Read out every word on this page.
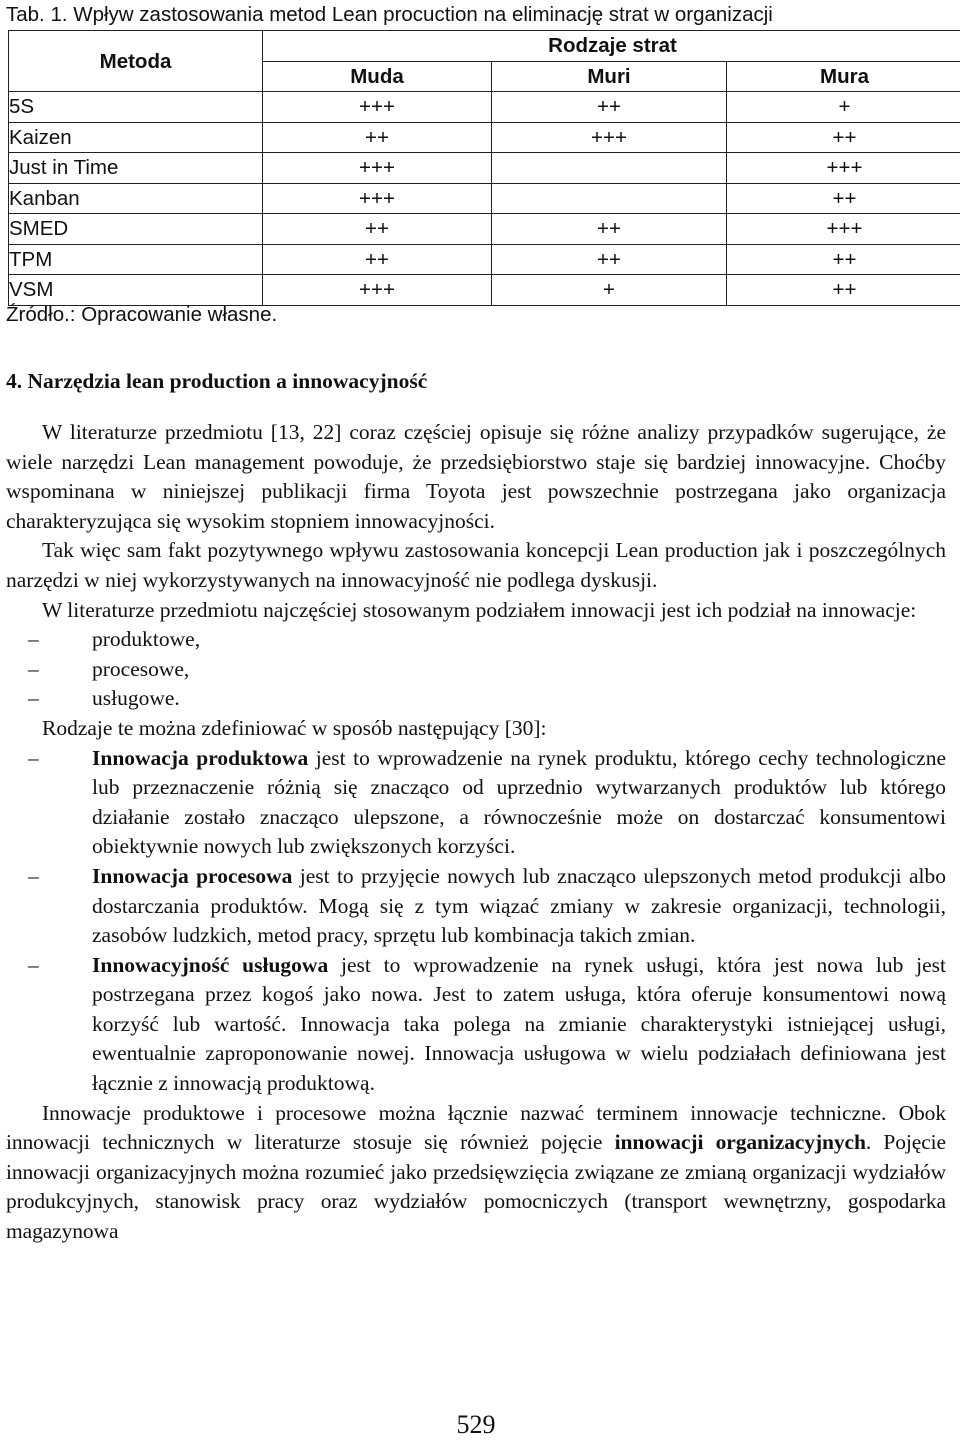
Tab. 1. Wpływ zastosowania metod Lean procuction na eliminację strat w organizacji
Metoda	Rodzaje strat		
	Muda	Muri	Mura
5S	+++	++	+
Kaizen	++	+++	++
Just in Time	+++		+++
Kanban	+++		++
SMED	++	++	+++
TPM	++	++	++
VSM	+++	+	++
Źródło.: Opracowanie własne.
4. Narzędzia lean production a innowacyjność

W literaturze przedmiotu [13, 22] coraz częściej opisuje się różne analizy przypadków sugerujące, że wiele narzędzi Lean management powoduje, że przedsiębiorstwo staje się bardziej innowacyjne. Choćby wspominana w niniejszej publikacji firma Toyota jest powszechnie postrzegana jako organizacja charakteryzująca się wysokim stopniem innowacyjności.

Tak więc sam fakt pozytywnego wpływu zastosowania koncepcji Lean production jak i poszczególnych narzędzi w niej wykorzystywanych na innowacyjność nie podlega dyskusji.

W literaturze przedmiotu najczęściej stosowanym podziałem innowacji jest ich podział na innowacje:

– produktowe,
– procesowe,
– usługowe.

Rodzaje te można zdefiniować w sposób następujący [30]:

– Innowacja produktowa jest to wprowadzenie na rynek produktu, którego cechy technologiczne lub przeznaczenie różnią się znacząco od uprzednio wytwarzanych produktów lub którego działanie zostało znacząco ulepszone, a równocześnie może on dostarczać konsumentowi obiektywnie nowych lub zwiększonych korzyści.
– Innowacja procesowa jest to przyjęcie nowych lub znacząco ulepszonych metod produkcji albo dostarczania produktów. Mogą się z tym wiązać zmiany w zakresie organizacji, technologii, zasobów ludzkich, metod pracy, sprzętu lub kombinacja takich zmian.
– Innowacyjność usługowa jest to wprowadzenie na rynek usługi, która jest nowa lub jest postrzegana przez kogoś jako nowa. Jest to zatem usługa, która oferuje konsumentowi nową korzyść lub wartość. Innowacja taka polega na zmianie charakterystyki istniejącej usługi, ewentualnie zaproponowanie nowej. Innowacja usługowa w wielu podziałach definiowana jest łącznie z innowacją produktową.

Innowacje produktowe i procesowe można łącznie nazwać terminem innowacje techniczne. Obok innowacji technicznych w literaturze stosuje się również pojęcie innowacji organizacyjnych. Pojęcie innowacji organizacyjnych można rozumieć jako przedsięwzięcia związane ze zmianą organizacji wydziałów produkcyjnych, stanowisk pracy oraz wydziałów pomocniczych (transport wewnętrzny, gospodarka magazynowa

529
